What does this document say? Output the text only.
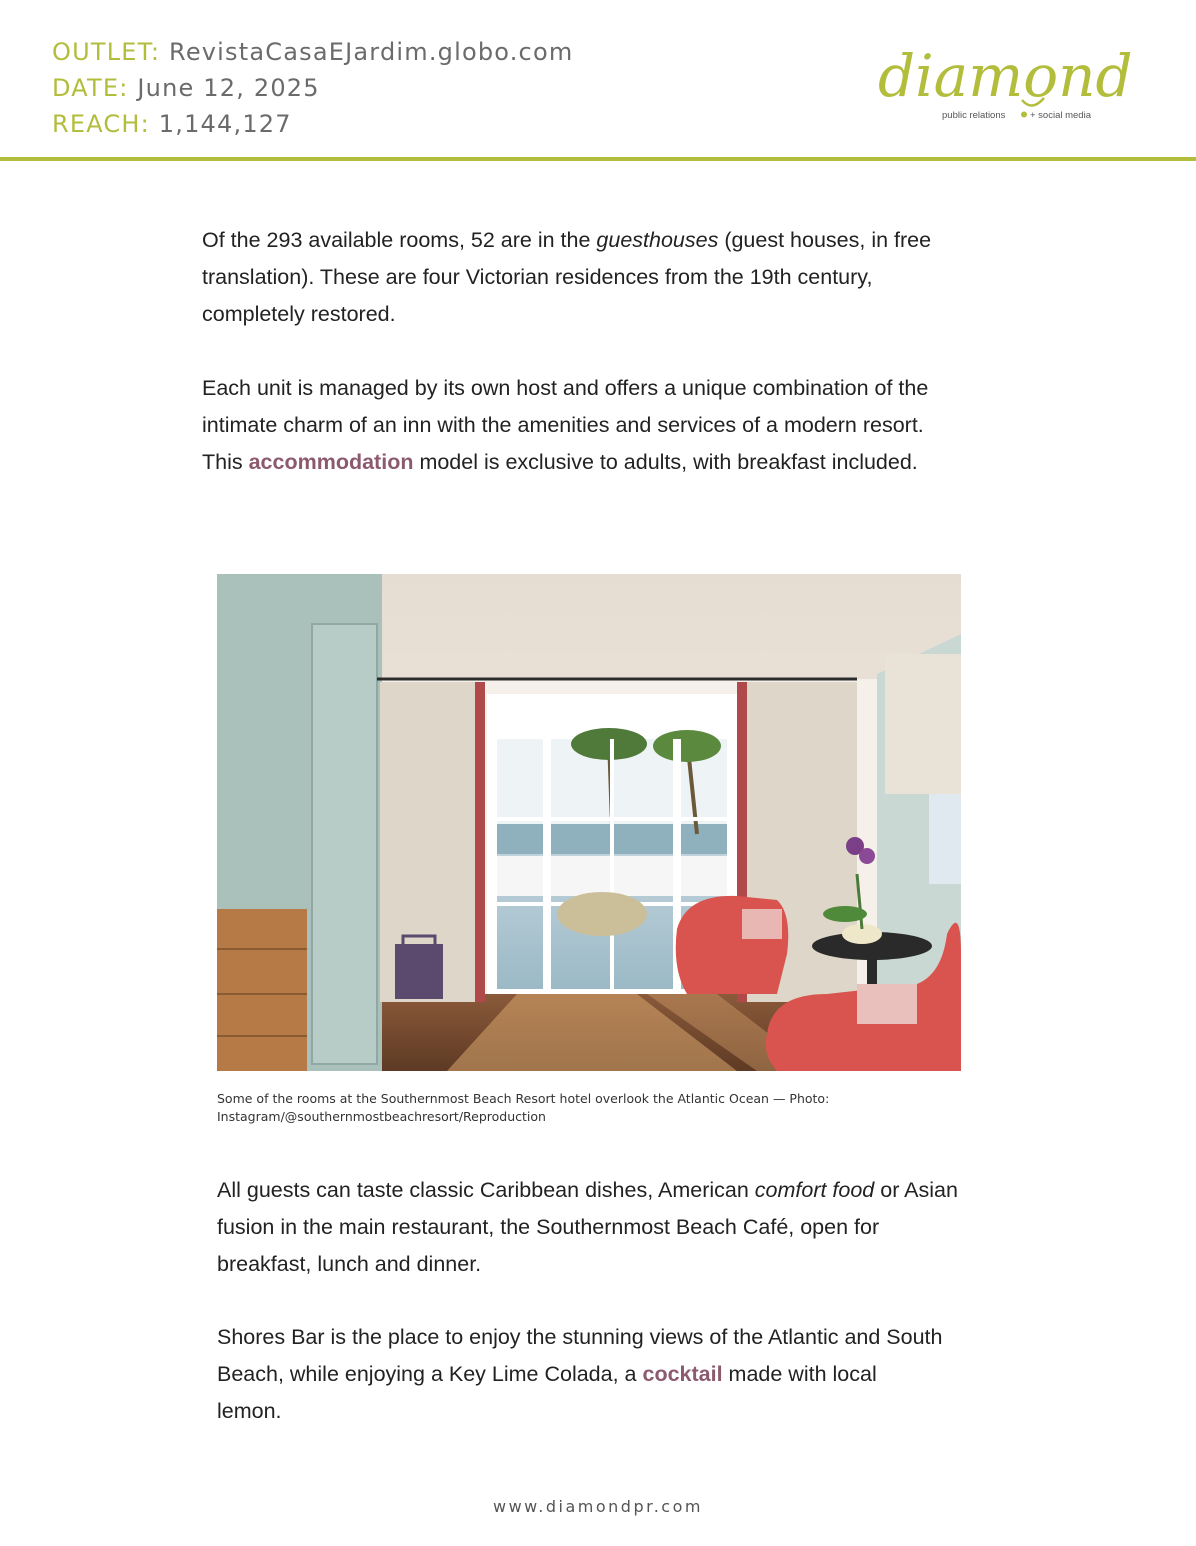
OUTLET: RevistaCasaEJardim.globo.com
DATE: June 12, 2025
REACH: 1,144,127
diamond
public relations	+ social media

Of the 293 available rooms, 52 are in the guesthouses (guest houses, in free translation). These are four Victorian residences from the 19th century, completely restored.

Each unit is managed by its own host and offers a unique combination of the intimate charm of an inn with the amenities and services of a modern resort. This accommodation model is exclusive to adults, with breakfast included.

Some of the rooms at the Southernmost Beach Resort hotel overlook the Atlantic Ocean — Photo: Instagram/@southernmostbeachresort/Reproduction

All guests can taste classic Caribbean dishes, American comfort food or Asian fusion in the main restaurant, the Southernmost Beach Café, open for breakfast, lunch and dinner.

Shores Bar is the place to enjoy the stunning views of the Atlantic and South Beach, while enjoying a Key Lime Colada, a cocktail made with local lemon.

www.diamondpr.com
